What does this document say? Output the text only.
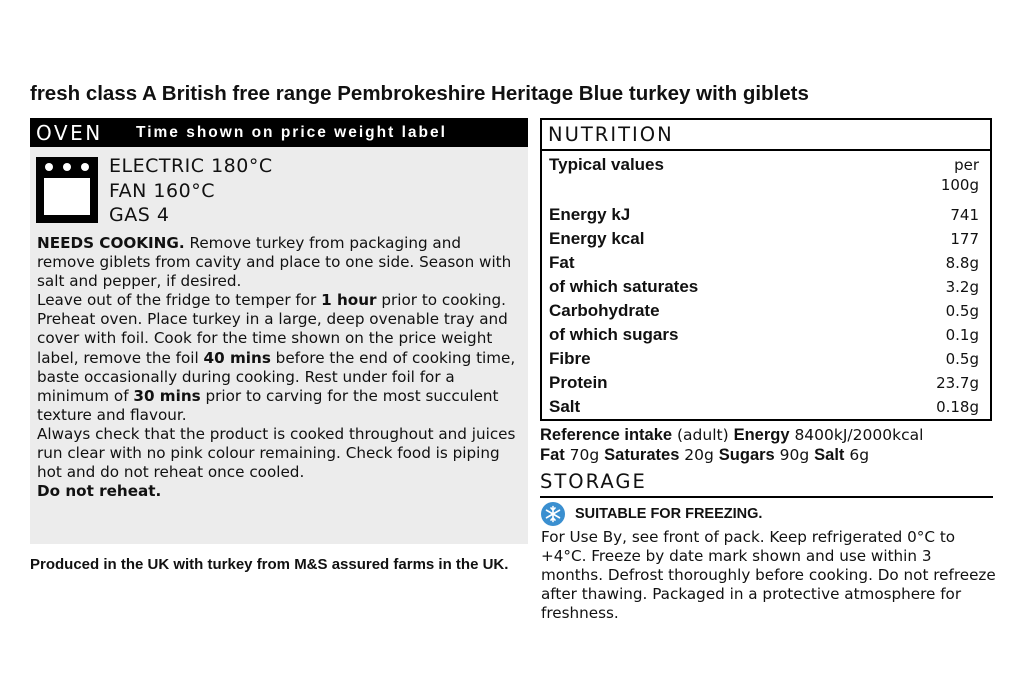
fresh class A British free range Pembrokeshire Heritage Blue turkey with giblets
OVEN	Time shown on price weight label
ELECTRIC 180°C
FAN 160°C
GAS 4

NEEDS COOKING. Remove turkey from packaging and remove giblets from cavity and place to one side. Season with salt and pepper, if desired.

Leave out of the fridge to temper for 1 hour prior to cooking. Preheat oven. Place turkey in a large, deep ovenable tray and cover with foil. Cook for the time shown on the price weight label, remove the foil 40 mins before the end of cooking time, baste occasionally during cooking. Rest under foil for a minimum of 30 mins prior to carving for the most succulent texture and flavour.

Always check that the product is cooked throughout and juices run clear with no pink colour remaining. Check food is piping hot and do not reheat once cooled.

Do not reheat.

Produced in the UK with turkey from M&S assured farms in the UK.
NUTRITION
Typical values	per
100g
Energy kJ	741
Energy kcal	177
Fat	8.8g
of which saturates	3.2g
Carbohydrate	0.5g
of which sugars	0.1g
Fibre	0.5g
Protein	23.7g
Salt	0.18g
Reference intake (adult) Energy 8400kJ/2000kcal
Fat 70g Saturates 20g Sugars 90g Salt 6g
STORAGE
SUITABLE FOR FREEZING.
For Use By, see front of pack. Keep refrigerated 0°C to +4°C. Freeze by date mark shown and use within 3 months. Defrost thoroughly before cooking. Do not refreeze after thawing. Packaged in a protective atmosphere for freshness.
